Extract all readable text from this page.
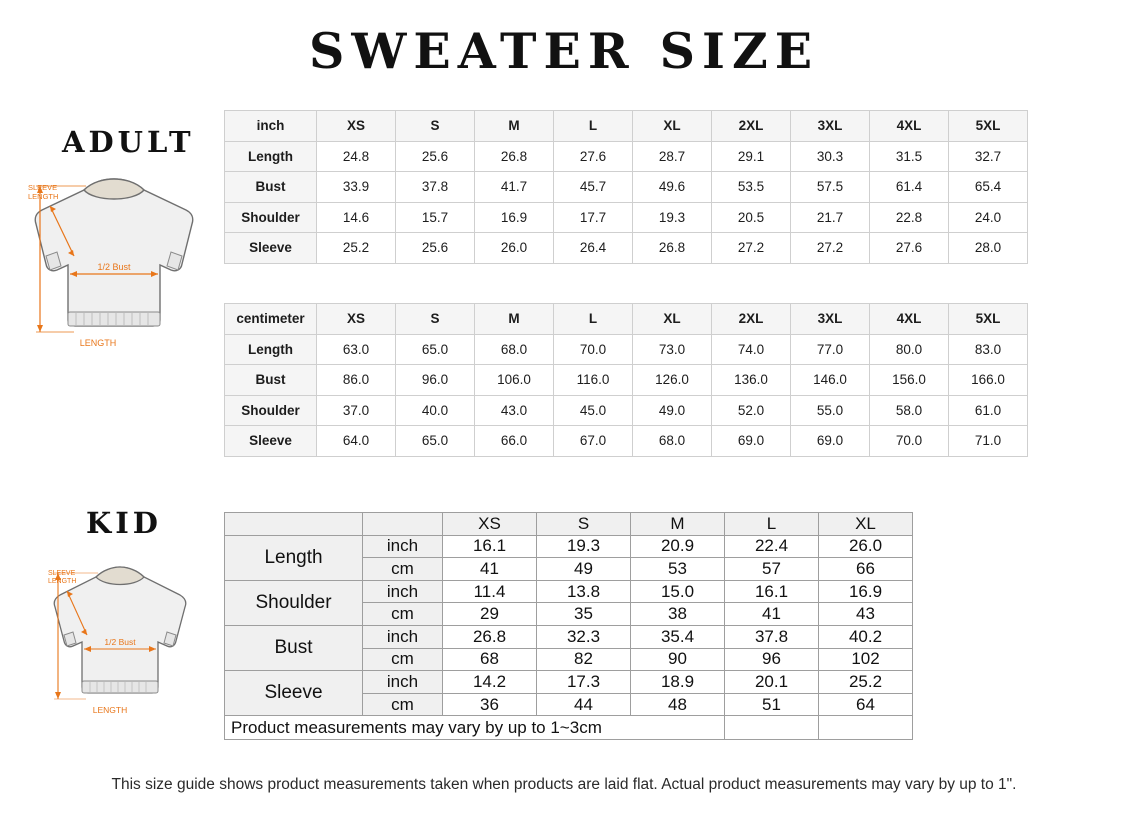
SWEATER SIZE
ADULT
SLEEVE LENGTH
1/2 Bust
LENGTH
inch	XS	S	M	L	XL	2XL	3XL	4XL	5XL
Length	24.8	25.6	26.8	27.6	28.7	29.1	30.3	31.5	32.7
Bust	33.9	37.8	41.7	45.7	49.6	53.5	57.5	61.4	65.4
Shoulder	14.6	15.7	16.9	17.7	19.3	20.5	21.7	22.8	24.0
Sleeve	25.2	25.6	26.0	26.4	26.8	27.2	27.2	27.6	28.0
centimeter	XS	S	M	L	XL	2XL	3XL	4XL	5XL
Length	63.0	65.0	68.0	70.0	73.0	74.0	77.0	80.0	83.0
Bust	86.0	96.0	106.0	116.0	126.0	136.0	146.0	156.0	166.0
Shoulder	37.0	40.0	43.0	45.0	49.0	52.0	55.0	58.0	61.0
Sleeve	64.0	65.0	66.0	67.0	68.0	69.0	69.0	70.0	71.0
KID
SLEEVE LENGTH
1/2 Bust
LENGTH
		XS	S	M	L	XL
Length	inch	16.1	19.3	20.9	22.4	26.0
	cm	41	49	53	57	66
Shoulder	inch	11.4	13.8	15.0	16.1	16.9
	cm	29	35	38	41	43
Bust	inch	26.8	32.3	35.4	37.8	40.2
	cm	68	82	90	96	102
Sleeve	inch	14.2	17.3	18.9	20.1	25.2
	cm	36	44	48	51	64
Product measurements may vary by up to 1~3cm						
This size guide shows product measurements taken when products are laid flat. Actual product measurements may vary by up to 1".
